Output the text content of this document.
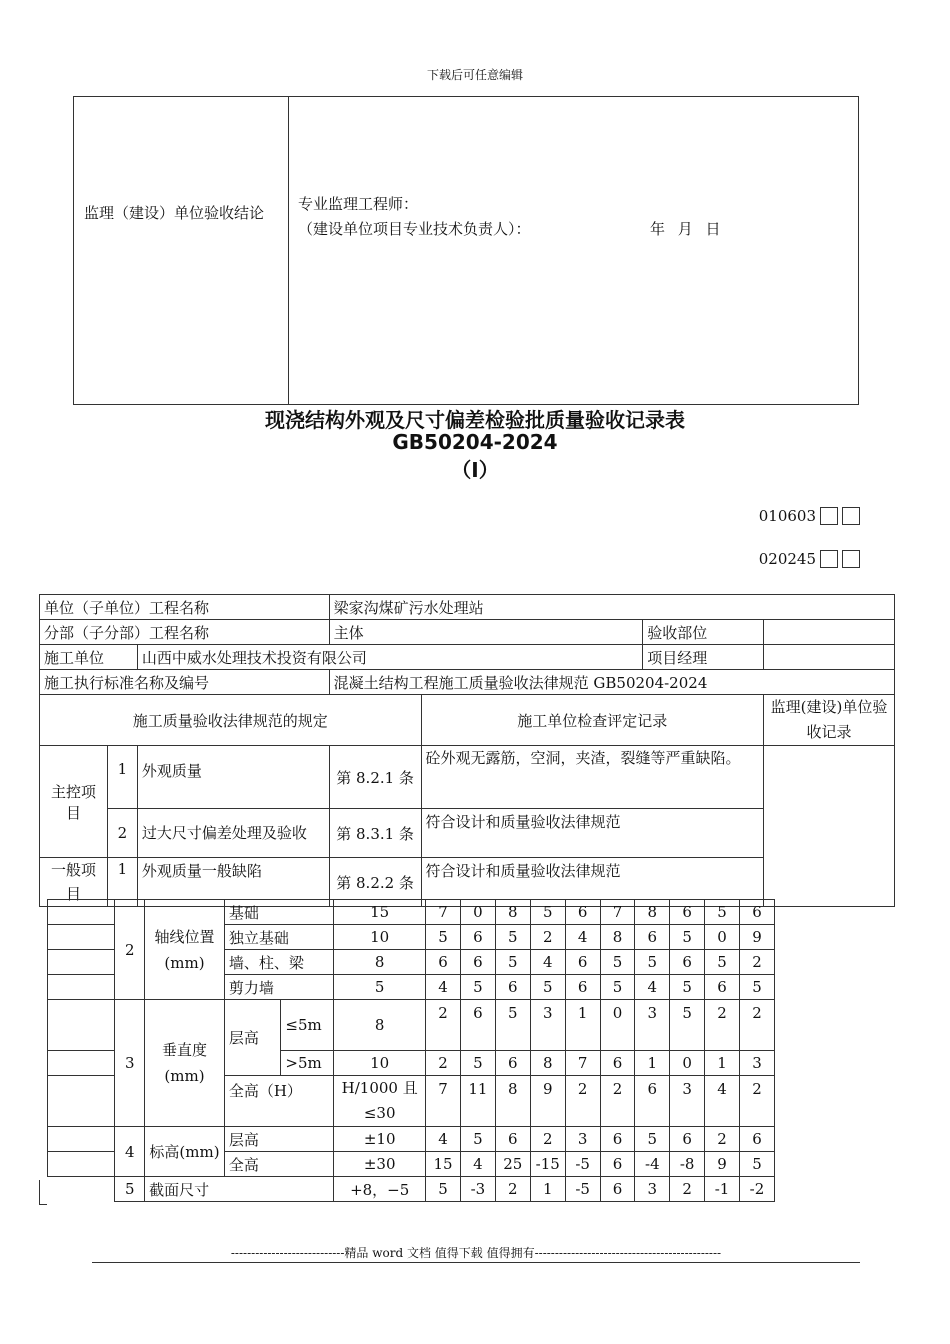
下载后可任意编辑
监理（建设）单位验收结论	专业监理工程师：
（建设单位项目专业技术负责人）：	年 月 日
现浇结构外观及尺寸偏差检验批质量验收记录表
GB50204-2024
（Ⅰ）
010603
020245
单位（子单位）工程名称			梁家沟煤矿污水处理站			
分部（子分部）工程名称			主体		验收部位	
施工单位		山西中威水处理技术投资有限公司			项目经理	
施工执行标准名称及编号			混凝土结构工程施工质量验收法律规范 GB50204-2024			
施工质量验收法律规范的规定				施工单位检查评定记录		监理(建设)单位验收记录
主控项目	1	外观质量	第 8.2.1 条	砼外观无露筋，空洞，夹渣，裂缝等严重缺陷。		
	2	过大尺寸偏差处理及验收	第 8.3.1 条	符合设计和质量验收法律规范		
一般项目	1	外观质量一般缺陷	第 8.2.2 条	符合设计和质量验收法律规范		
	2	轴线位置(mm)	基础		15	7	0	8	5	6	7	8	6	5	6
			独立基础		10	5	6	5	2	4	8	6	5	0	9
			墙、柱、梁		8	6	6	5	4	6	5	5	6	5	2
			剪力墙		5	4	5	6	5	6	5	4	5	6	5
	3	垂直度(mm)	层高	≤5m	8	2	6	5	3	1	0	3	5	2	2
				>5m	10	2	5	6	8	7	6	1	0	1	3
			全高（H）		H/1000 且≤30	7	11	8	9	2	2	6	3	4	2
	4	标高(mm)	层高		±10	4	5	6	2	3	6	5	6	2	6
			全高		±30	15	4	25	-15	-5	6	-4	-8	9	5
	5	截面尺寸			+8，−5	5	-3	2	1	-5	6	3	2	-1	-2
----------------------------精品 word 文档 值得下载 值得拥有----------------------------------------------
